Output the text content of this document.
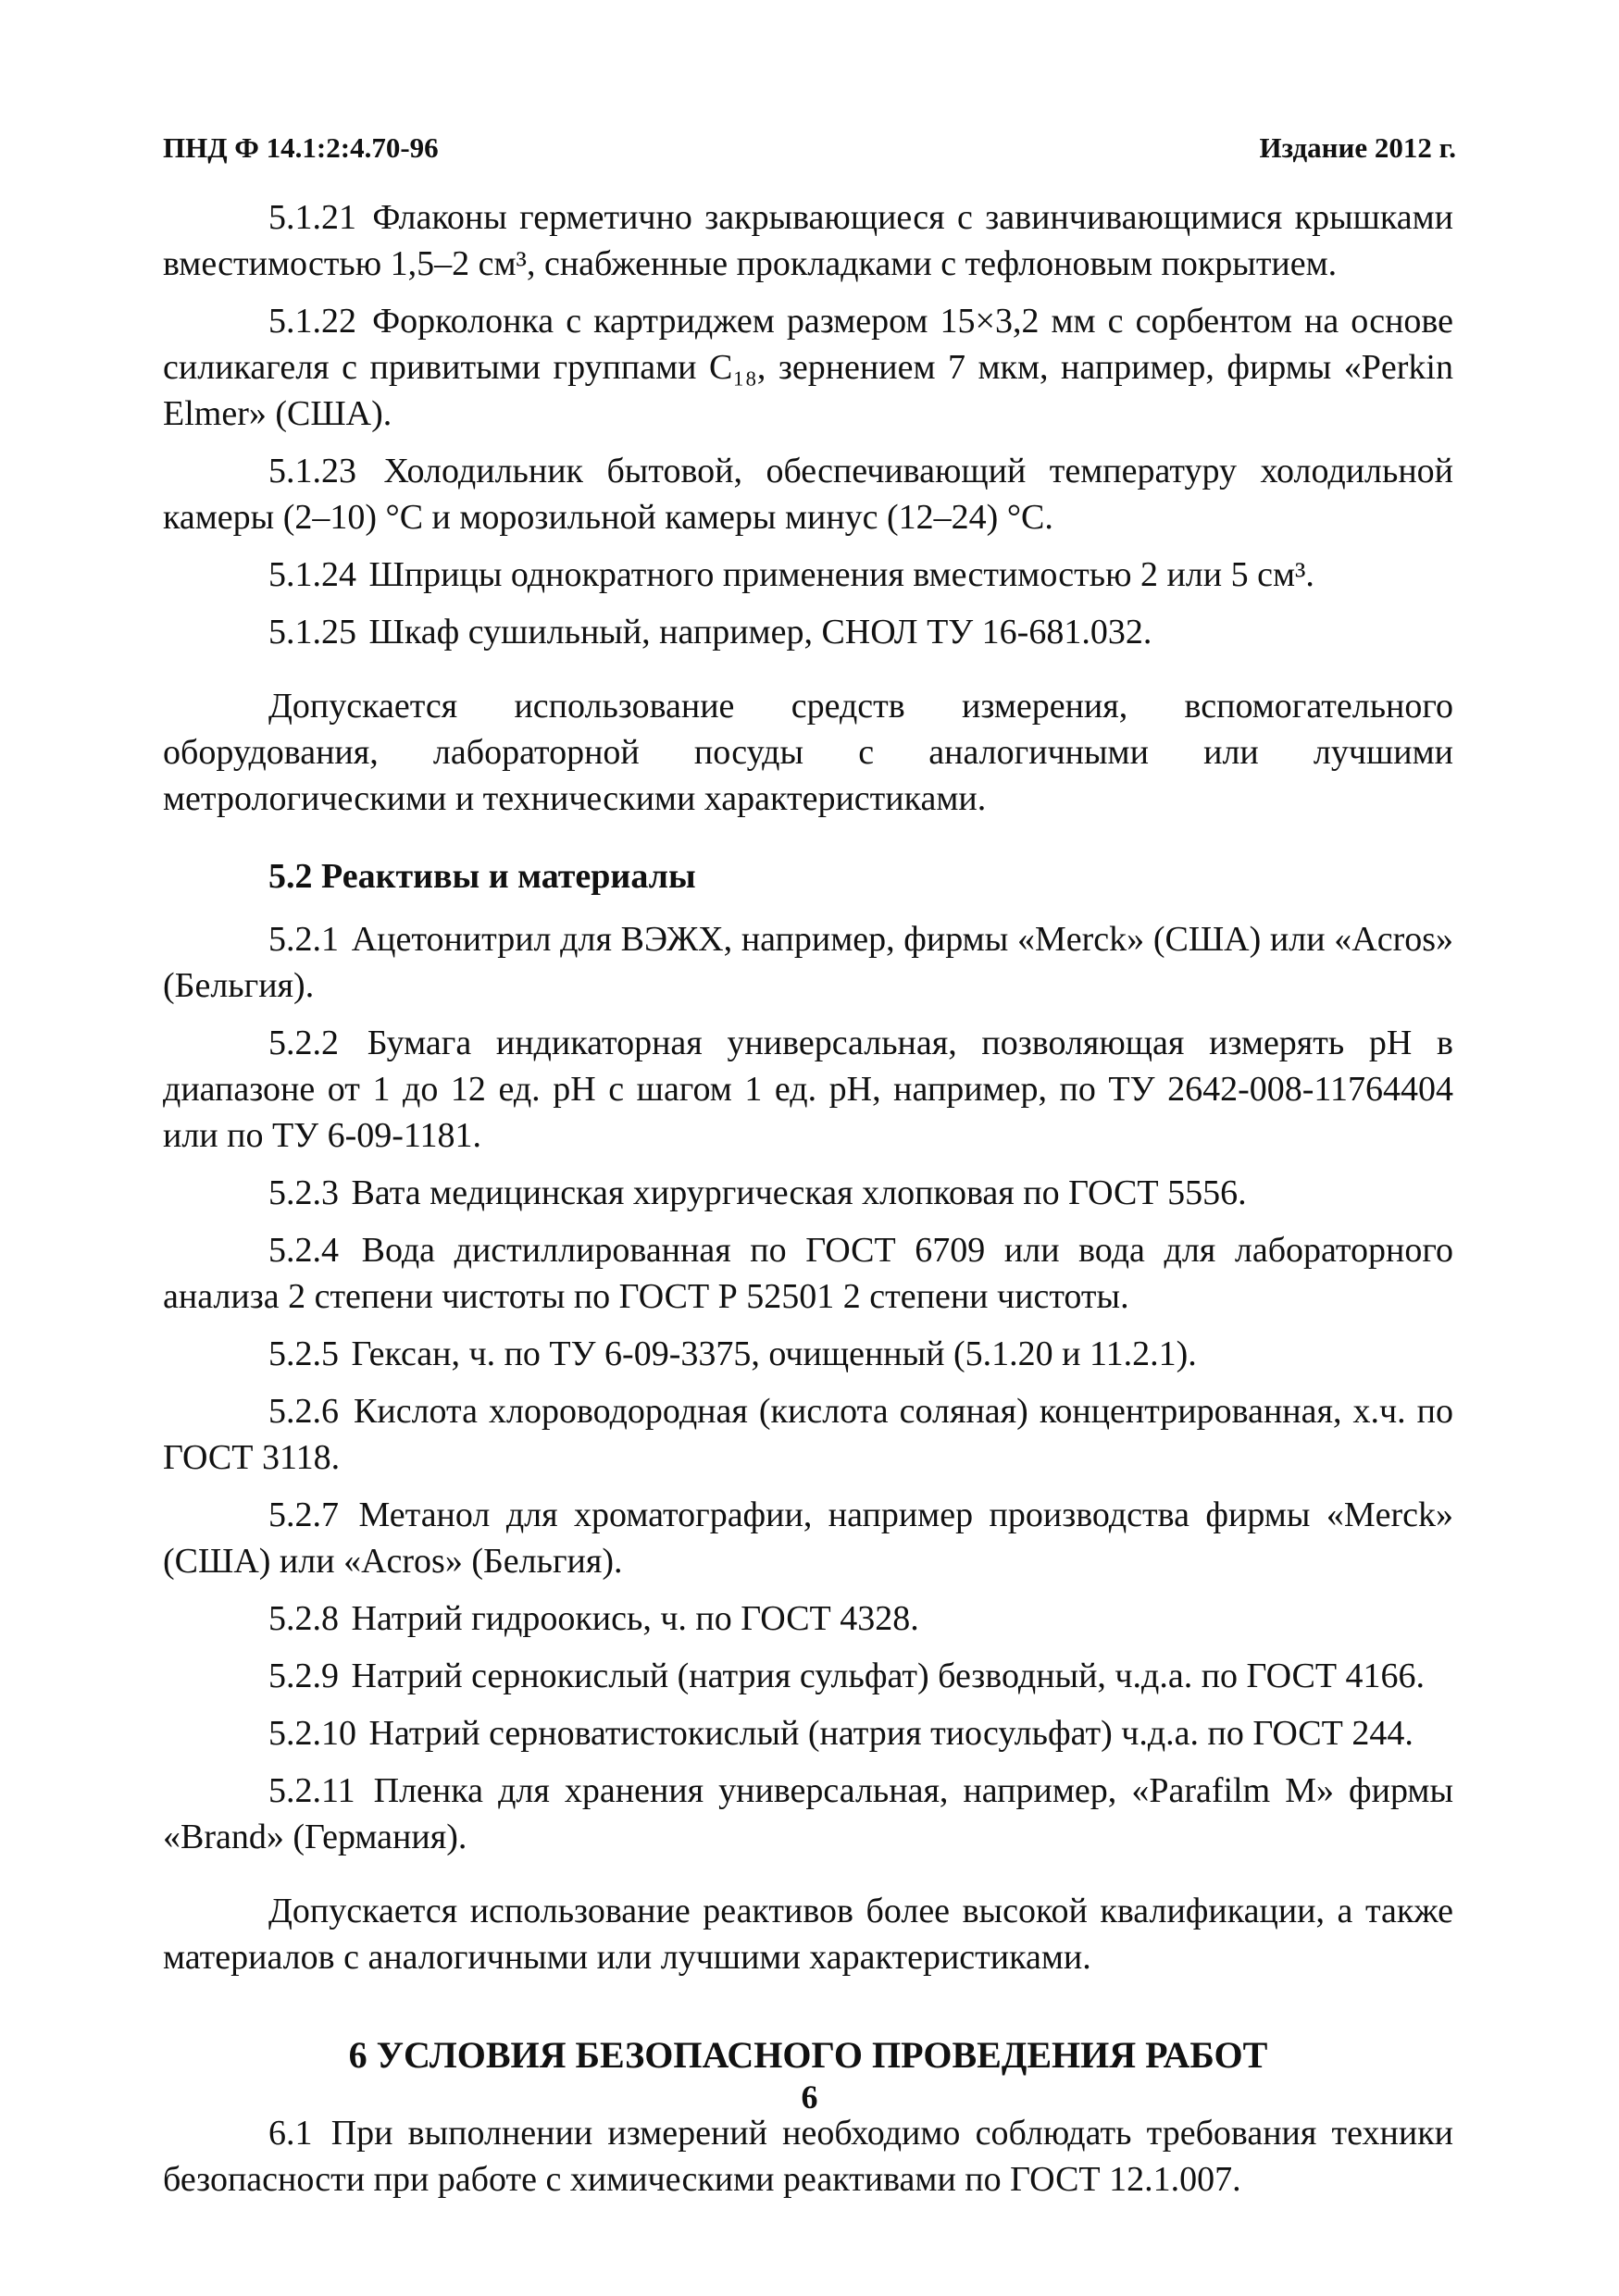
ПНД Ф 14.1:2:4.70-96	Издание 2012 г.

5.1.21 Флаконы герметично закрывающиеся с завинчивающимися крышками вместимостью 1,5–2 см³, снабженные прокладками с тефлоновым покрытием.

5.1.22 Форколонка с картриджем размером 15×3,2 мм с сорбентом на основе силикагеля с привитыми группами C₁₈, зернением 7 мкм, например, фирмы «Perkin Elmer» (США).

5.1.23 Холодильник бытовой, обеспечивающий температуру холодильной камеры (2–10) °С и морозильной камеры минус (12–24) °С.

5.1.24 Шприцы однократного применения вместимостью 2 или 5 см³.

5.1.25 Шкаф сушильный, например, СНОЛ ТУ 16-681.032.

Допускается использование средств измерения, вспомогательного оборудования, лабораторной посуды с аналогичными или лучшими метрологическими и техническими характеристиками.

5.2 Реактивы и материалы

5.2.1 Ацетонитрил для ВЭЖХ, например, фирмы «Merck» (США) или «Acros» (Бельгия).

5.2.2 Бумага индикаторная универсальная, позволяющая измерять рН в диапазоне от 1 до 12 ед. рН с шагом 1 ед. рН, например, по ТУ 2642-008-11764404 или по ТУ 6-09-1181.

5.2.3 Вата медицинская хирургическая хлопковая по ГОСТ 5556.

5.2.4 Вода дистиллированная по ГОСТ 6709 или вода для лабораторного анализа 2 степени чистоты по ГОСТ Р 52501 2 степени чистоты.

5.2.5 Гексан, ч. по ТУ 6-09-3375, очищенный (5.1.20 и 11.2.1).

5.2.6 Кислота хлороводородная (кислота соляная) концентрированная, х.ч. по ГОСТ 3118.

5.2.7 Метанол для хроматографии, например производства фирмы «Merck» (США) или «Acros» (Бельгия).

5.2.8 Натрий гидроокись, ч. по ГОСТ 4328.

5.2.9 Натрий сернокислый (натрия сульфат) безводный, ч.д.а. по ГОСТ 4166.

5.2.10 Натрий серноватистокислый (натрия тиосульфат) ч.д.а. по ГОСТ 244.

5.2.11 Пленка для хранения универсальная, например, «Parafilm M» фирмы «Brand» (Германия).

Допускается использование реактивов более высокой квалификации, а также материалов с аналогичными или лучшими характеристиками.

6 УСЛОВИЯ БЕЗОПАСНОГО ПРОВЕДЕНИЯ РАБОТ

6.1 При выполнении измерений необходимо соблюдать требования техники безопасности при работе с химическими реактивами по ГОСТ 12.1.007.

6
